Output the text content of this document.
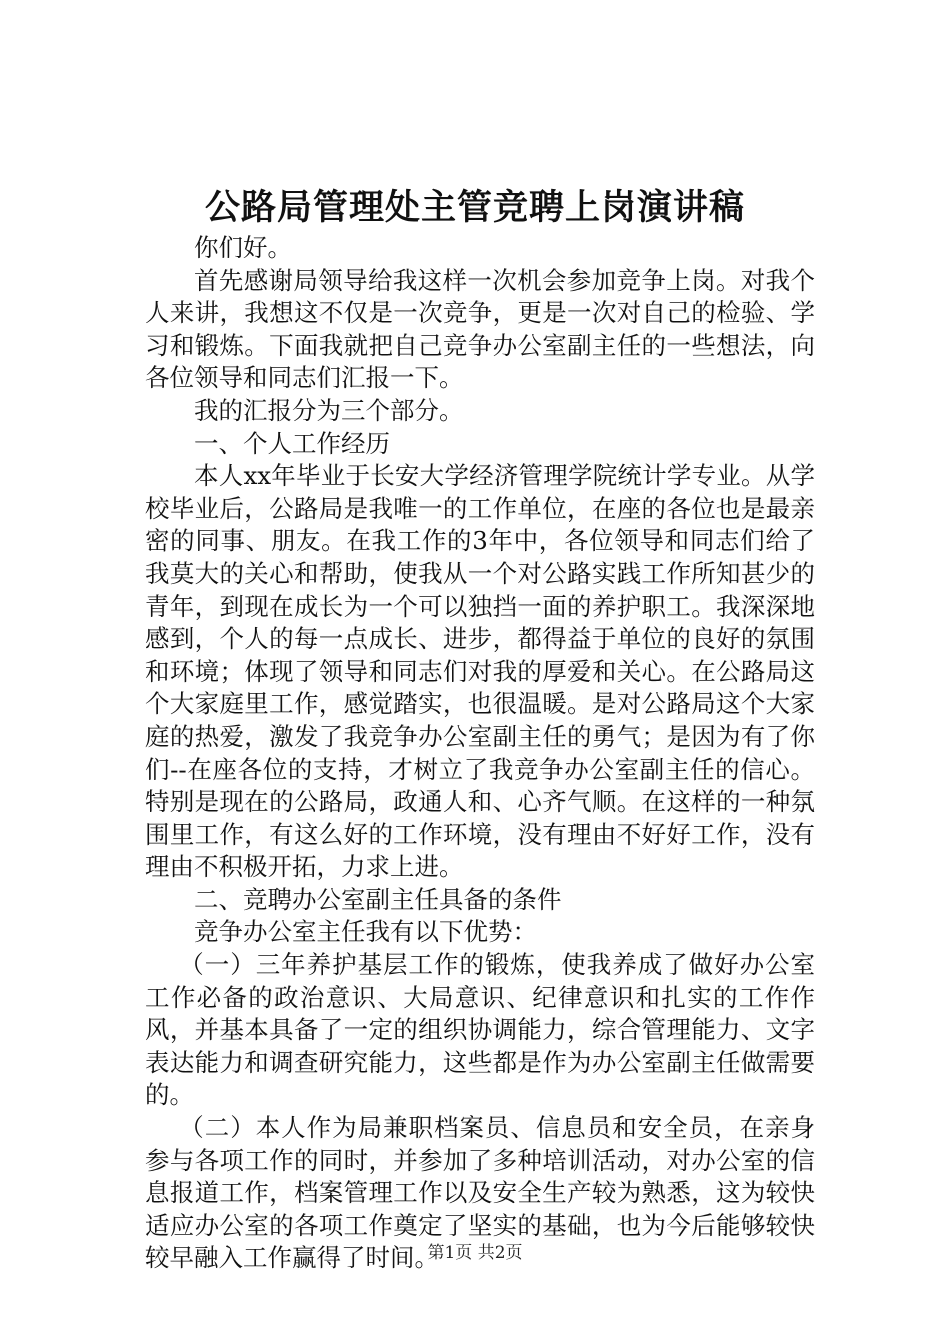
公路局管理处主管竞聘上岗演讲稿

你们好。

首先感谢局领导给我这样一次机会参加竞争上岗。对我个人来讲，我想这不仅是一次竞争，更是一次对自己的检验、学习和锻炼。下面我就把自己竞争办公室副主任的一些想法，向各位领导和同志们汇报一下。

我的汇报分为三个部分。

一、个人工作经历

本人xx年毕业于长安大学经济管理学院统计学专业。从学校毕业后，公路局是我唯一的工作单位，在座的各位也是最亲密的同事、朋友。在我工作的3年中，各位领导和同志们给了我莫大的关心和帮助，使我从一个对公路实践工作所知甚少的青年，到现在成长为一个可以独挡一面的养护职工。我深深地感到，个人的每一点成长、进步，都得益于单位的良好的氛围和环境；体现了领导和同志们对我的厚爱和关心。在公路局这个大家庭里工作，感觉踏实，也很温暖。是对公路局这个大家庭的热爱，激发了我竞争办公室副主任的勇气；是因为有了你们--在座各位的支持，才树立了我竞争办公室副主任的信心。特别是现在的公路局，政通人和、心齐气顺。在这样的一种氛围里工作，有这么好的工作环境，没有理由不好好工作，没有理由不积极开拓，力求上进。

二、竞聘办公室副主任具备的条件

竞争办公室主任我有以下优势：

（一）三年养护基层工作的锻炼，使我养成了做好办公室工作必备的政治意识、大局意识、纪律意识和扎实的工作作风，并基本具备了一定的组织协调能力，综合管理能力、文字表达能力和调查研究能力，这些都是作为办公室副主任做需要的。

（二）本人作为局兼职档案员、信息员和安全员，在亲身参与各项工作的同时，并参加了多种培训活动，对办公室的信息报道工作，档案管理工作以及安全生产较为熟悉，这为较快适应办公室的各项工作奠定了坚实的基础，也为今后能够较快较早融入工作赢得了时间。

第1页 共2页
